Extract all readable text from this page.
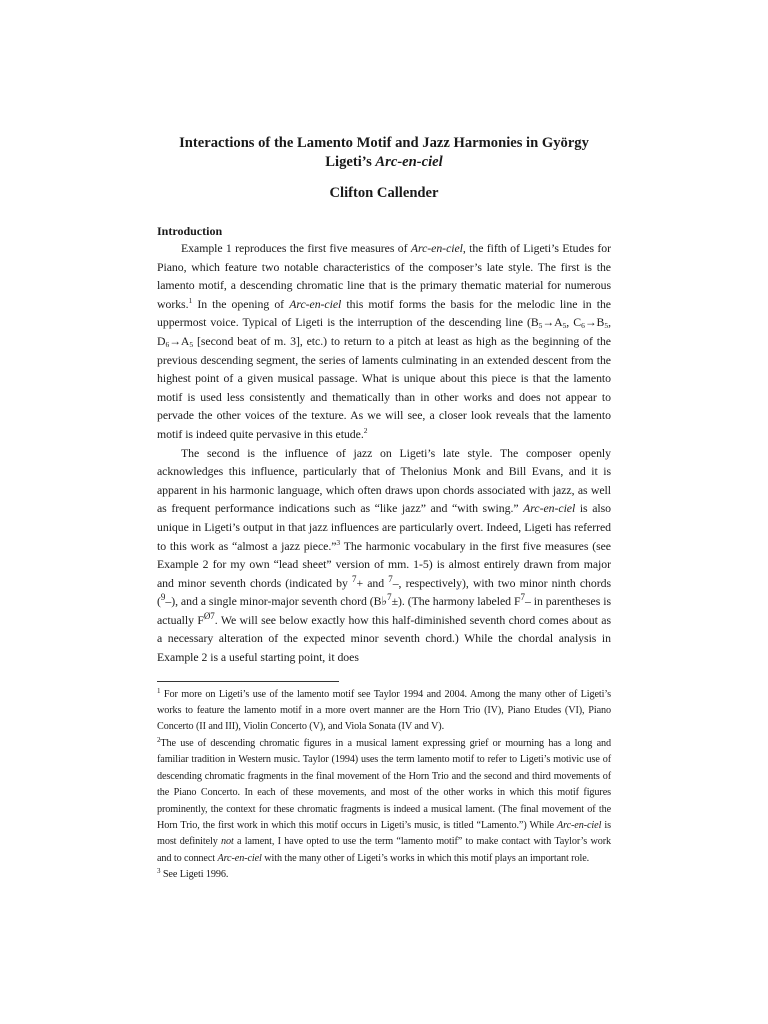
Interactions of the Lamento Motif and Jazz Harmonies in György
Ligeti’s Arc-en-ciel

Clifton Callender

Introduction

Example 1 reproduces the first five measures of Arc-en-ciel, the fifth of Ligeti’s Etudes for Piano, which feature two notable characteristics of the composer’s late style. The first is the lamento motif, a descending chromatic line that is the primary thematic material for numerous works.$^1$ In the opening of Arc-en-ciel this motif forms the basis for the melodic line in the uppermost voice. Typical of Ligeti is the interruption of the descending line ($B_5\to A_5$, $C_6\to B_5$, $D_6\to A_5$ [second beat of m. 3], etc.) to return to a pitch at least as high as the beginning of the previous descending segment, the series of laments culminating in an extended descent from the highest point of a given musical passage. What is unique about this piece is that the lamento motif is used less consistently and thematically than in other works and does not appear to pervade the other voices of the texture. As we will see, a closer look reveals that the lamento motif is indeed quite pervasive in this etude.$^2$

The second is the influence of jazz on Ligeti’s late style. The composer openly acknowledges this influence, particularly that of Thelonius Monk and Bill Evans, and it is apparent in his harmonic language, which often draws upon chords associated with jazz, as well as frequent performance indications such as “like jazz” and “with swing.” Arc-en-ciel is also unique in Ligeti’s output in that jazz influences are particularly overt. Indeed, Ligeti has referred to this work as “almost a jazz piece.”$^3$ The harmonic vocabulary in the first five measures (see Example 2 for my own “lead sheet” version of mm. 1-5) is almost entirely drawn from major and minor seventh chords (indicated by $^7$+ and $^7$–, respectively), with two minor ninth chords ($^9$–), and a single minor-major seventh chord (B♭$^7$±). (The harmony labeled $F^7-$ in parentheses is actually $F^{Ø7}$. We will see below exactly how this half-diminished seventh chord comes about as a necessary alteration of the expected minor seventh chord.) While the chordal analysis in Example 2 is a useful starting point, it does

$^1$ For more on Ligeti’s use of the lamento motif see Taylor 1994 and 2004. Among the many other of Ligeti’s works to feature the lamento motif in a more overt manner are the Horn Trio (IV), Piano Etudes (VI), Piano Concerto (II and III), Violin Concerto (V), and Viola Sonata (IV and V).

$^2$The use of descending chromatic figures in a musical lament expressing grief or mourning has a long and familiar tradition in Western music. Taylor (1994) uses the term lamento motif to refer to Ligeti’s motivic use of descending chromatic fragments in the final movement of the Horn Trio and the second and third movements of the Piano Concerto. In each of these movements, and most of the other works in which this motif figures prominently, the context for these chromatic fragments is indeed a musical lament. (The final movement of the Horn Trio, the first work in which this motif occurs in Ligeti’s music, is titled “Lamento.”) While Arc-en-ciel is most definitely not a lament, I have opted to use the term “lamento motif” to make contact with Taylor’s work and to connect Arc-en-ciel with the many other of Ligeti’s works in which this motif plays an important role.

$^3$ See Ligeti 1996.
